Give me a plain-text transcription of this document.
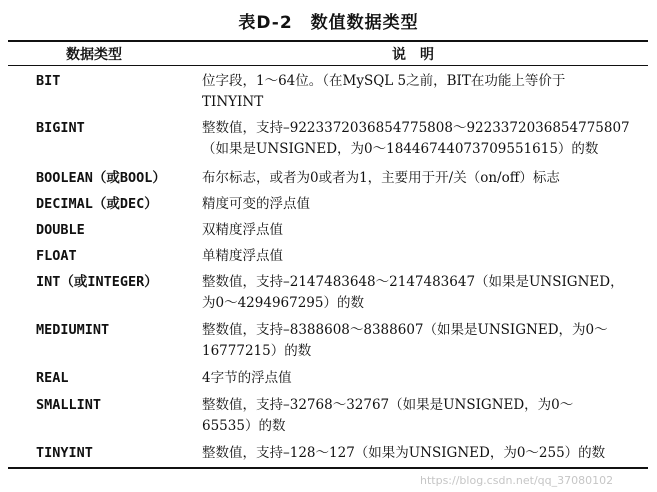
表D-2　数值数据类型
数据类型	说明
BIT	位字段，1～64位。（在MySQL 5之前，BIT在功能上等价于
TINYINT
BIGINT	整数值，支持–9223372036854775808～9223372036854775807
（如果是UNSIGNED，为0～18446744073709551615）的数
BOOLEAN（或BOOL）	布尔标志，或者为0或者为1，主要用于开/关（on/off）标志
DECIMAL（或DEC）	精度可变的浮点值
DOUBLE	双精度浮点值
FLOAT	单精度浮点值
INT（或INTEGER）	整数值，支持–2147483648～2147483647（如果是UNSIGNED，
为0～4294967295）的数
MEDIUMINT	整数值，支持–8388608～8388607（如果是UNSIGNED，为0～
16777215）的数
REAL	4字节的浮点值
SMALLINT	整数值，支持–32768～32767（如果是UNSIGNED，为0～
65535）的数
TINYINT	整数值，支持–128～127（如果为UNSIGNED，为0～255）的数
https://blog.csdn.net/qq_37080102
